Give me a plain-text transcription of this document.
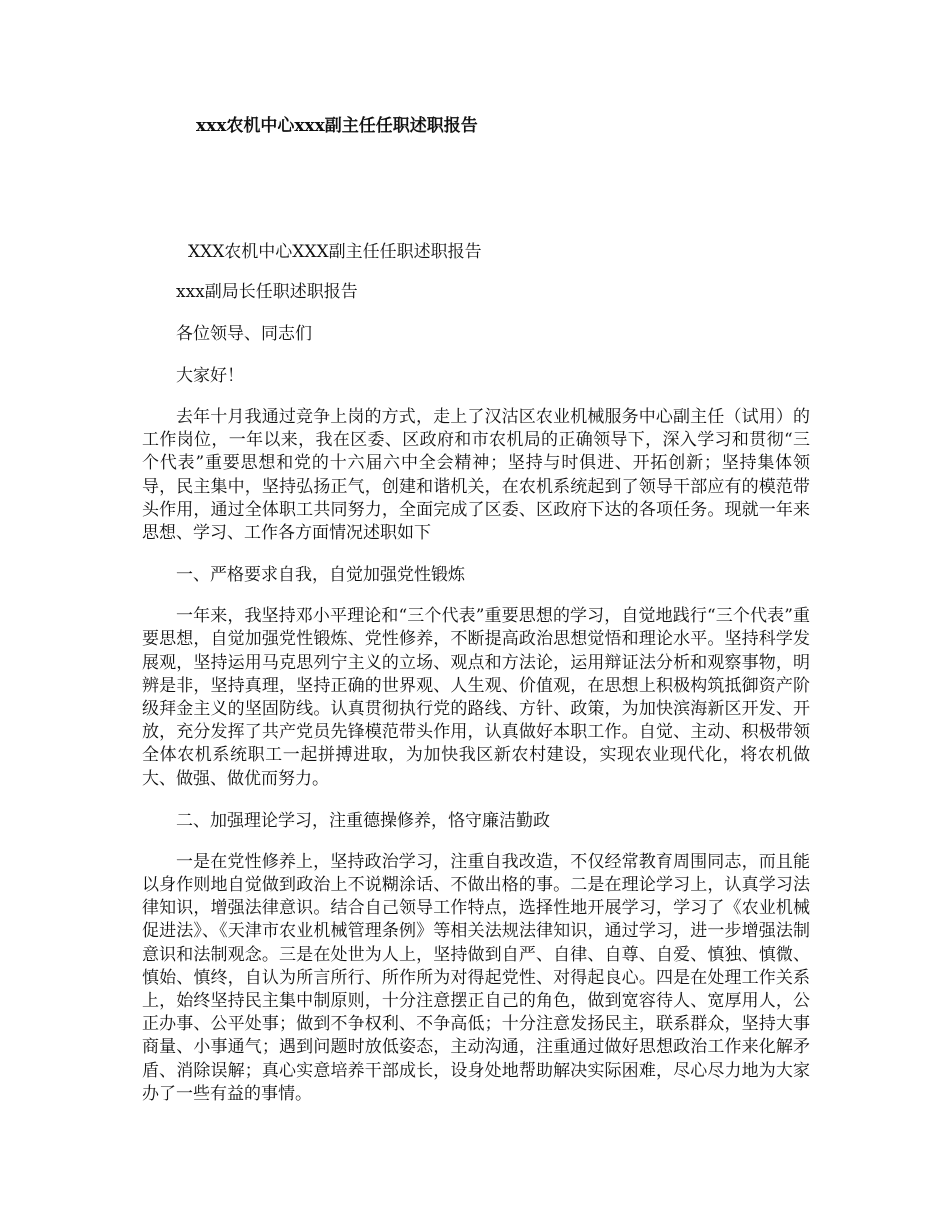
xxx农机中心xxx副主任任职述职报告

XXX农机中心XXX副主任任职述职报告

xxx副局长任职述职报告

各位领导、同志们

大家好！

去年十月我通过竞争上岗的方式，走上了汉沽区农业机械服务中心副主任（试用）的工作岗位，一年以来，我在区委、区政府和市农机局的正确领导下，深入学习和贯彻“三个代表”重要思想和党的十六届六中全会精神；坚持与时俱进、开拓创新；坚持集体领导，民主集中，坚持弘扬正气，创建和谐机关，在农机系统起到了领导干部应有的模范带头作用，通过全体职工共同努力，全面完成了区委、区政府下达的各项任务。现就一年来思想、学习、工作各方面情况述职如下

一、严格要求自我，自觉加强党性锻炼

一年来，我坚持邓小平理论和“三个代表”重要思想的学习，自觉地践行“三个代表”重要思想，自觉加强党性锻炼、党性修养，不断提高政治思想觉悟和理论水平。坚持科学发展观，坚持运用马克思列宁主义的立场、观点和方法论，运用辩证法分析和观察事物，明辨是非，坚持真理，坚持正确的世界观、人生观、价值观，在思想上积极构筑抵御资产阶级拜金主义的坚固防线。认真贯彻执行党的路线、方针、政策，为加快滨海新区开发、开放，充分发挥了共产党员先锋模范带头作用，认真做好本职工作。自觉、主动、积极带领全体农机系统职工一起拼搏进取，为加快我区新农村建设，实现农业现代化，将农机做大、做强、做优而努力。

二、加强理论学习，注重德操修养，恪守廉洁勤政

一是在党性修养上，坚持政治学习，注重自我改造，不仅经常教育周围同志，而且能以身作则地自觉做到政治上不说糊涂话、不做出格的事。二是在理论学习上，认真学习法律知识，增强法律意识。结合自己领导工作特点，选择性地开展学习，学习了《农业机械促进法》、《天津市农业机械管理条例》等相关法规法律知识，通过学习，进一步增强法制意识和法制观念。三是在处世为人上，坚持做到自严、自律、自尊、自爱、慎独、慎微、慎始、慎终，自认为所言所行、所作所为对得起党性、对得起良心。四是在处理工作关系上，始终坚持民主集中制原则，十分注意摆正自己的角色，做到宽容待人、宽厚用人，公正办事、公平处事；做到不争权利、不争高低；十分注意发扬民主，联系群众，坚持大事商量、小事通气；遇到问题时放低姿态，主动沟通，注重通过做好思想政治工作来化解矛盾、消除误解；真心实意培养干部成长，设身处地帮助解决实际困难，尽心尽力地为大家办了一些有益的事情。
